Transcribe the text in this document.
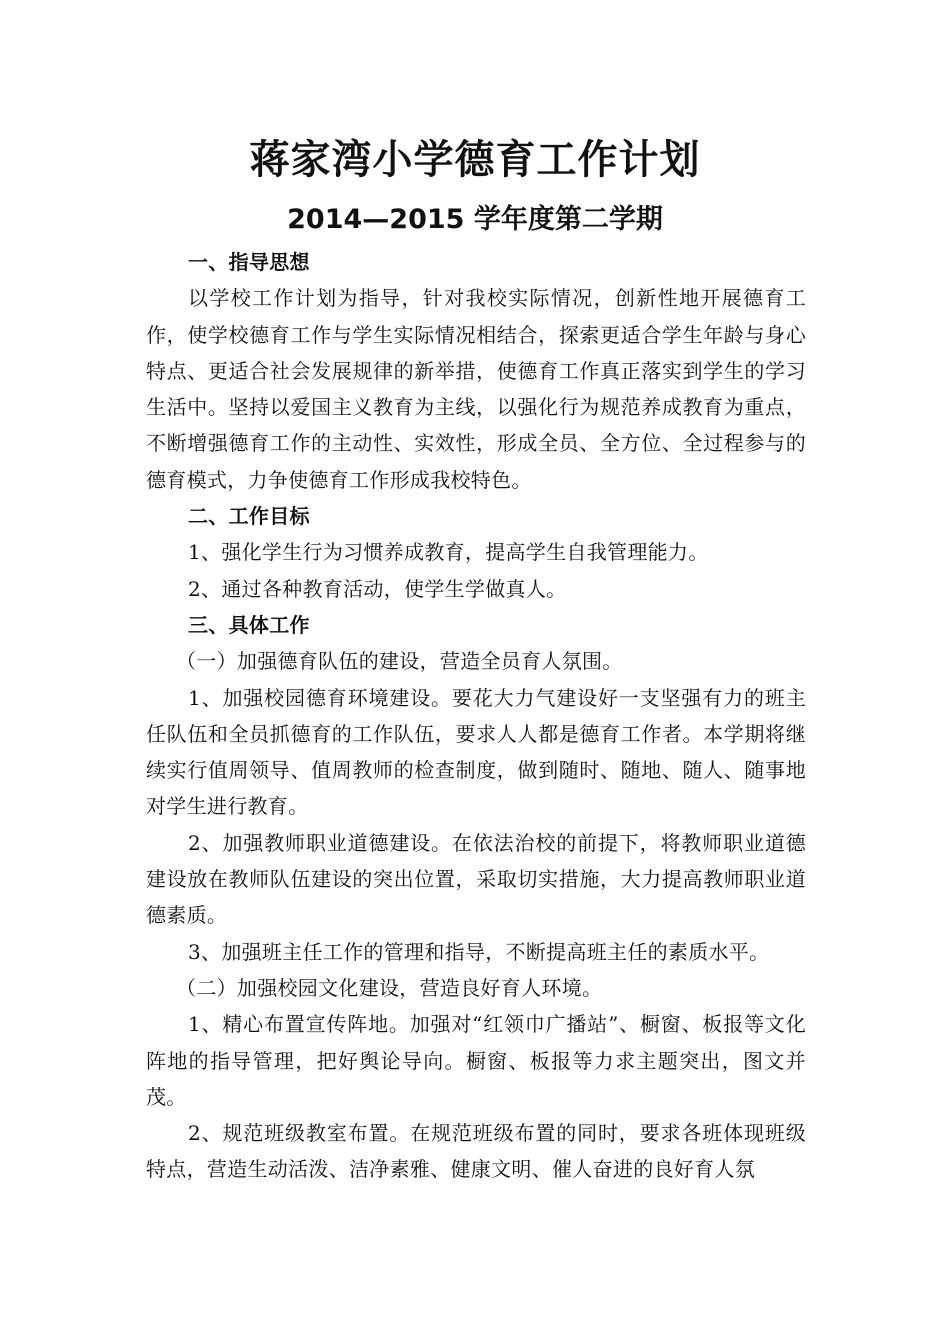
蒋家湾小学德育工作计划
2014—2015 学年度第二学期

一、指导思想

以学校工作计划为指导，针对我校实际情况，创新性地开展德育工作，使学校德育工作与学生实际情况相结合，探索更适合学生年龄与身心特点、更适合社会发展规律的新举措，使德育工作真正落实到学生的学习生活中。坚持以爱国主义教育为主线，以强化行为规范养成教育为重点，不断增强德育工作的主动性、实效性，形成全员、全方位、全过程参与的德育模式，力争使德育工作形成我校特色。

二、工作目标

1、强化学生行为习惯养成教育，提高学生自我管理能力。

2、通过各种教育活动，使学生学做真人。

三、具体工作

（一）加强德育队伍的建设，营造全员育人氛围。

1、加强校园德育环境建设。要花大力气建设好一支坚强有力的班主任队伍和全员抓德育的工作队伍，要求人人都是德育工作者。本学期将继续实行值周领导、值周教师的检查制度，做到随时、随地、随人、随事地对学生进行教育。

2、加强教师职业道德建设。在依法治校的前提下，将教师职业道德建设放在教师队伍建设的突出位置，采取切实措施，大力提高教师职业道德素质。

3、加强班主任工作的管理和指导，不断提高班主任的素质水平。

（二）加强校园文化建设，营造良好育人环境。

1、精心布置宣传阵地。加强对“红领巾广播站”、橱窗、板报等文化阵地的指导管理，把好舆论导向。橱窗、板报等力求主题突出，图文并茂。

2、规范班级教室布置。在规范班级布置的同时，要求各班体现班级特点，营造生动活泼、洁净素雅、健康文明、催人奋进的良好育人氛
